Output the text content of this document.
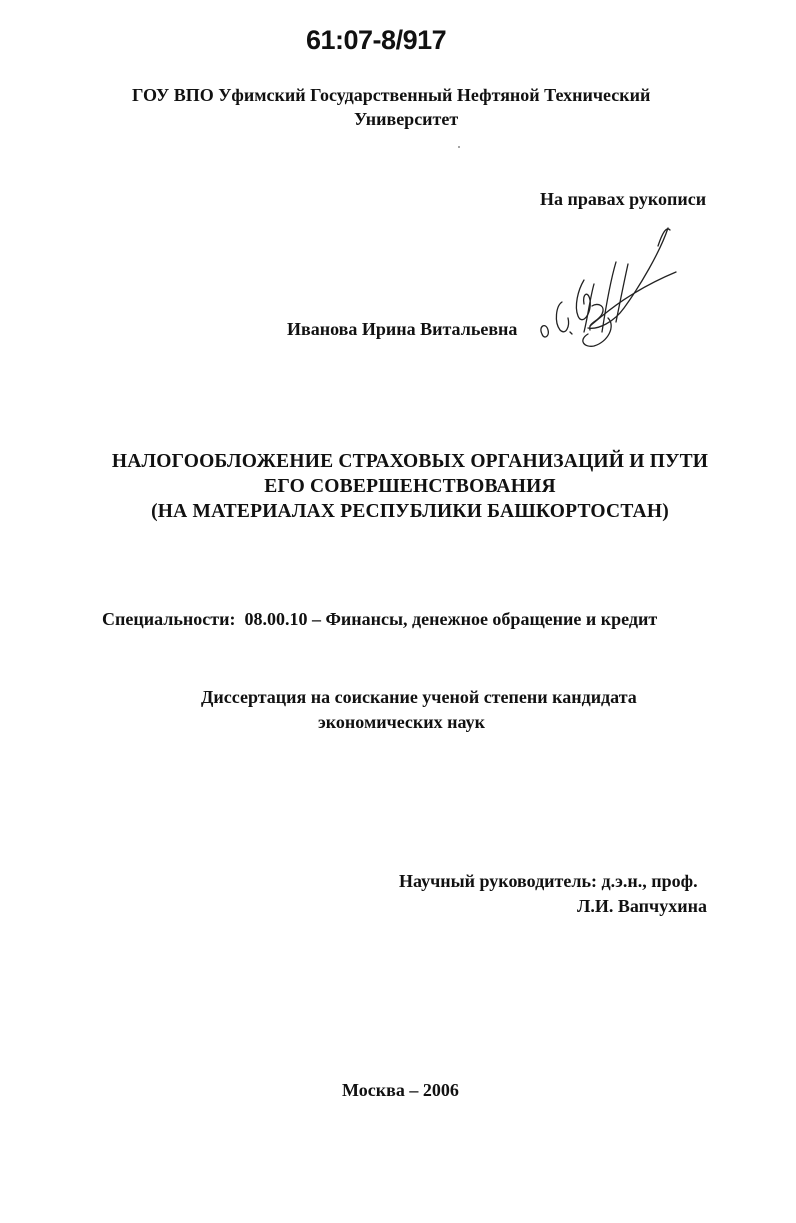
61:07-8/917
ГОУ ВПО Уфимский Государственный Нефтяной Технический
Университет
На правах рукописи
Иванова Ирина Витальевна
НАЛОГООБЛОЖЕНИЕ СТРАХОВЫХ ОРГАНИЗАЦИЙ И ПУТИ
ЕГО СОВЕРШЕНСТВОВАНИЯ
(НА МАТЕРИАЛАХ РЕСПУБЛИКИ БАШКОРТОСТАН)
Специальности:  08.00.10 – Финансы, денежное обращение и кредит
Диссертация на соискание ученой степени кандидата
экономических наук
Научный руководитель: д.э.н., проф.
Л.И. Вапчухина
Москва – 2006
